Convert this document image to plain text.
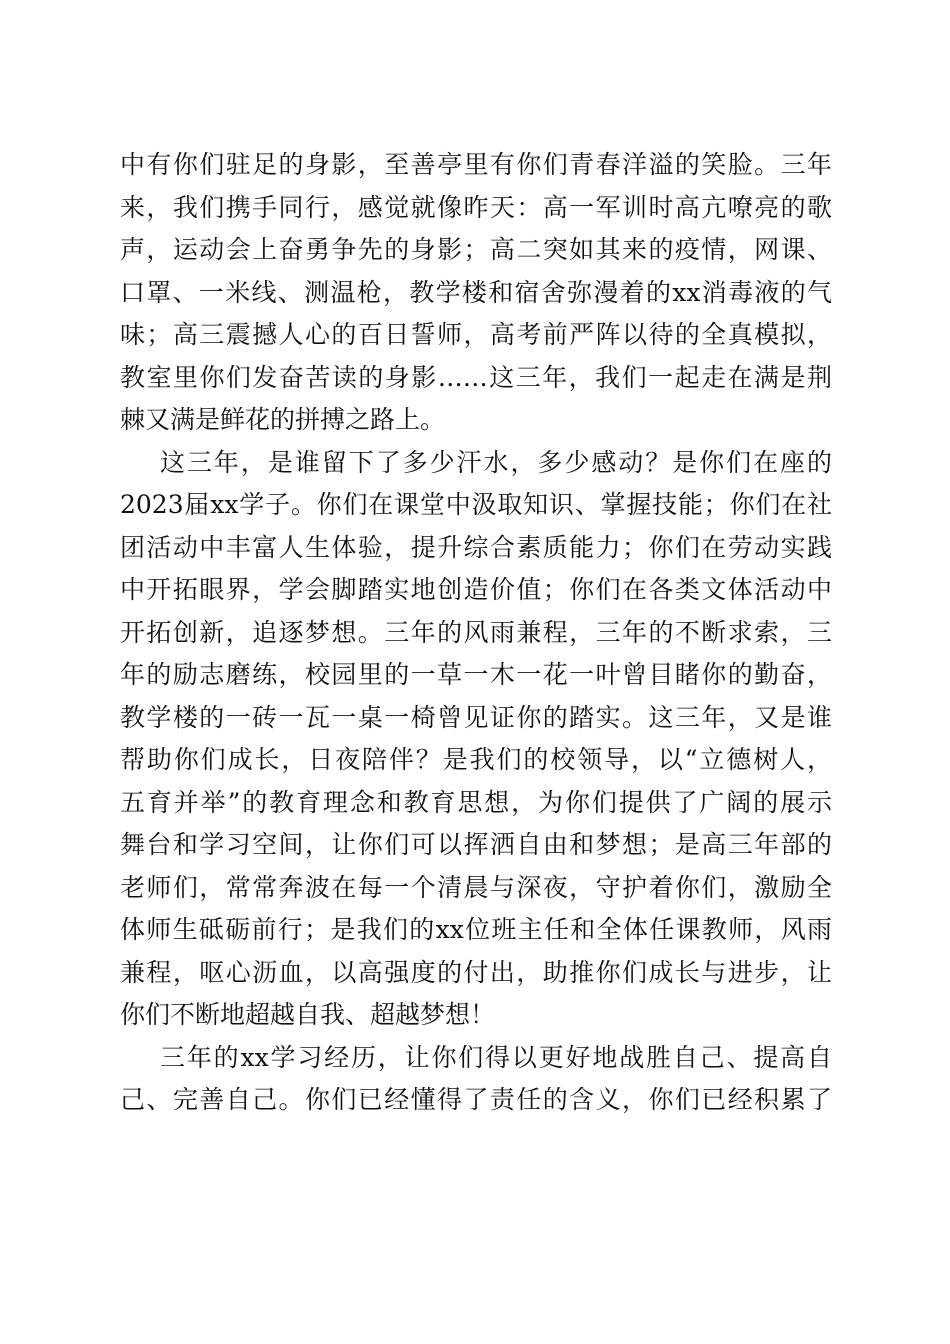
中有你们驻足的身影，至善亭里有你们青春洋溢的笑脸。三年
来，我们携手同行，感觉就像昨天：高一军训时高亢嘹亮的歌
声，运动会上奋勇争先的身影；高二突如其来的疫情，网课、
口罩、一米线、测温枪，教学楼和宿舍弥漫着的xx消毒液的气
味；高三震撼人心的百日誓师，高考前严阵以待的全真模拟，
教室里你们发奋苦读的身影……这三年，我们一起走在满是荆
棘又满是鲜花的拼搏之路上。
这三年，是谁留下了多少汗水，多少感动？是你们在座的
2023届xx学子。你们在课堂中汲取知识、掌握技能；你们在社
团活动中丰富人生体验，提升综合素质能力；你们在劳动实践
中开拓眼界，学会脚踏实地创造价值；你们在各类文体活动中
开拓创新，追逐梦想。三年的风雨兼程，三年的不断求索，三
年的励志磨练，校园里的一草一木一花一叶曾目睹你的勤奋，
教学楼的一砖一瓦一桌一椅曾见证你的踏实。这三年，又是谁
帮助你们成长，日夜陪伴？是我们的校领导，以“立德树人，
五育并举”的教育理念和教育思想，为你们提供了广阔的展示
舞台和学习空间，让你们可以挥洒自由和梦想；是高三年部的
老师们，常常奔波在每一个清晨与深夜，守护着你们，激励全
体师生砥砺前行；是我们的xx位班主任和全体任课教师，风雨
兼程，呕心沥血，以高强度的付出，助推你们成长与进步，让
你们不断地超越自我、超越梦想！
三年的xx学习经历，让你们得以更好地战胜自己、提高自
己、完善自己。你们已经懂得了责任的含义，你们已经积累了
